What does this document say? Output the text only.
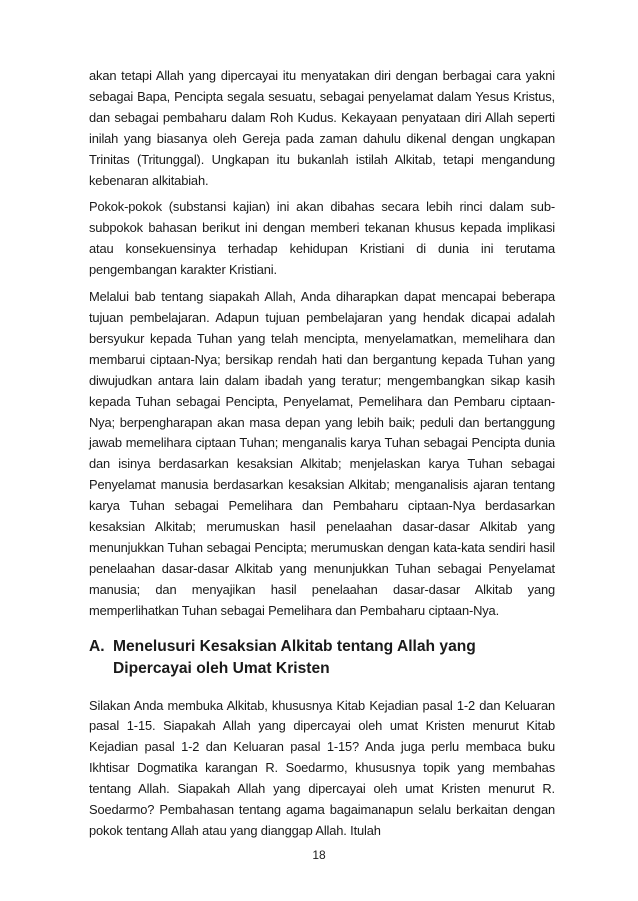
akan tetapi Allah yang dipercayai itu menyatakan diri dengan berbagai cara yakni sebagai Bapa, Pencipta segala sesuatu, sebagai penyelamat dalam Yesus Kristus, dan sebagai pembaharu dalam Roh Kudus. Kekayaan penyataan diri Allah seperti inilah yang biasanya oleh Gereja pada zaman dahulu dikenal dengan ungkapan Trinitas (Tritunggal). Ungkapan itu bukanlah istilah Alkitab, tetapi mengandung kebenaran alkitabiah.

Pokok-pokok (substansi kajian) ini akan dibahas secara lebih rinci dalam sub-subpokok bahasan berikut ini dengan memberi tekanan khusus kepada implikasi atau konsekuensinya terhadap kehidupan Kristiani di dunia ini terutama pengembangan karakter Kristiani.

Melalui bab tentang siapakah Allah, Anda diharapkan dapat mencapai beberapa tujuan pembelajaran. Adapun tujuan pembelajaran yang hendak dicapai adalah bersyukur kepada Tuhan yang telah mencipta, menyelamatkan, memelihara dan membarui ciptaan-Nya; bersikap rendah hati dan bergantung kepada Tuhan yang diwujudkan antara lain dalam ibadah yang teratur; mengembangkan sikap kasih kepada Tuhan sebagai Pencipta, Penyelamat, Pemelihara dan Pembaru ciptaan-Nya; berpengharapan akan masa depan yang lebih baik; peduli dan bertanggung jawab memelihara ciptaan Tuhan; menganalis karya Tuhan sebagai Pencipta dunia dan isinya berdasarkan kesaksian Alkitab; menjelaskan karya Tuhan sebagai Penyelamat manusia berdasarkan kesaksian Alkitab; menganalisis ajaran tentang karya Tuhan sebagai Pemelihara dan Pembaharu ciptaan-Nya berdasarkan kesaksian Alkitab; merumuskan hasil penelaahan dasar-dasar Alkitab yang menunjukkan Tuhan sebagai Pencipta; merumuskan dengan kata-kata sendiri hasil penelaahan dasar-dasar Alkitab yang menunjukkan Tuhan sebagai Penyelamat manusia; dan menyajikan hasil penelaahan dasar-dasar Alkitab yang memperlihatkan Tuhan sebagai Pemelihara dan Pembaharu ciptaan-Nya.

A. Menelusuri Kesaksian Alkitab tentang Allah yang Dipercayai oleh Umat Kristen

Silakan Anda membuka Alkitab, khususnya Kitab Kejadian pasal 1-2 dan Keluaran pasal 1-15. Siapakah Allah yang dipercayai oleh umat Kristen menurut Kitab Kejadian pasal 1-2 dan Keluaran pasal 1-15? Anda juga perlu membaca buku Ikhtisar Dogmatika karangan R. Soedarmo, khususnya topik yang membahas tentang Allah. Siapakah Allah yang dipercayai oleh umat Kristen menurut R. Soedarmo? Pembahasan tentang agama bagaimanapun selalu berkaitan dengan pokok tentang Allah atau yang dianggap Allah. Itulah

18
